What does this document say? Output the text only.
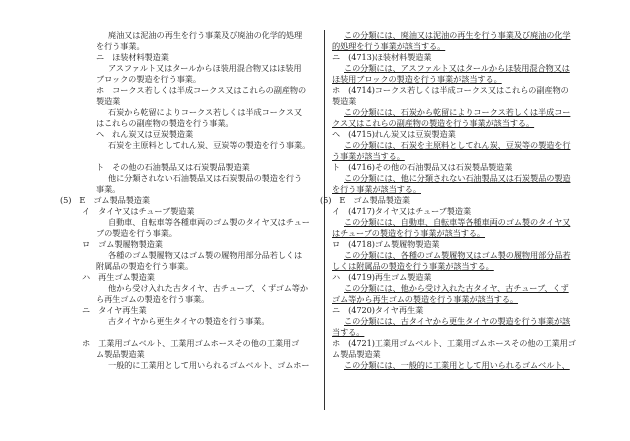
廃油又は泥油の再生を行う事業及び廃油の化学的処理
を行う事業。
ニ　ほ装材料製造業
アスファルト又はタールからほ装用混合物又はほ装用
ブロックの製造を行う事業。
ホ　コークス若しくは半成コークス又はこれらの副産物の
製造業
石炭から乾留によりコークス若しくは半成コークス又
はこれらの副産物の製造を行う事業。
ヘ　れん炭又は豆炭製造業
石炭を主原料としてれん炭、豆炭等の製造を行う事業。
ト　その他の石油製品又は石炭製品製造業
他に分類されない石油製品又は石炭製品の製造を行う
事業。
(5)　E　ゴム製品製造業
イ　タイヤ又はチューブ製造業
自動車、自転車等各種車両のゴム製のタイヤ又はチュー
ブの製造を行う事業。
ロ　ゴム製履物製造業
各種のゴム製履物又はゴム製の履物用部分品若しくは
附属品の製造を行う事業。
ハ　再生ゴム製造業
他から受け入れた古タイヤ、古チューブ、くずゴム等か
ら再生ゴムの製造を行う事業。
ニ　タイヤ再生業
古タイヤから更生タイヤの製造を行う事業。
ホ　工業用ゴムベルト、工業用ゴムホースその他の工業用ゴ
ム製品製造業
一般的に工業用として用いられるゴムベルト、ゴムホー
この分類には、廃油又は泥油の再生を行う事業及び廃油の化学
的処理を行う事業が該当する。
ニ　(4713)ほ装材料製造業
この分類には、アスファルト又はタールからほ装用混合物又は
ほ装用ブロックの製造を行う事業が該当する。
ホ　(4714)コークス若しくは半成コークス又はこれらの副産物の
製造業
この分類には、石炭から乾留によりコークス若しくは半成コー
クス又はこれらの副産物の製造を行う事業が該当する。
ヘ　(4715)れん炭又は豆炭製造業
この分類には、石炭を主原料としてれん炭、豆炭等の製造を行
う事業が該当する。
ト　(4716)その他の石油製品又は石炭製品製造業
この分類には、他に分類されない石油製品又は石炭製品の製造
を行う事業が該当する。
(5)　E　ゴム製品製造業
イ　(4717)タイヤ又はチューブ製造業
この分類には、自動車、自転車等各種車両のゴム製のタイヤ又
はチューブの製造を行う事業が該当する。
ロ　(4718)ゴム製履物製造業
この分類には、各種のゴム製履物又はゴム製の履物用部分品若
しくは附属品の製造を行う事業が該当する。
ハ　(4719)再生ゴム製造業
この分類には、他から受け入れた古タイヤ、古チューブ、くず
ゴム等から再生ゴムの製造を行う事業が該当する。
ニ　(4720)タイヤ再生業
この分類には、古タイヤから更生タイヤの製造を行う事業が該
当する。
ホ　(4721)工業用ゴムベルト、工業用ゴムホースその他の工業用ゴ
ム製品製造業
この分類には、一般的に工業用として用いられるゴムベルト、
